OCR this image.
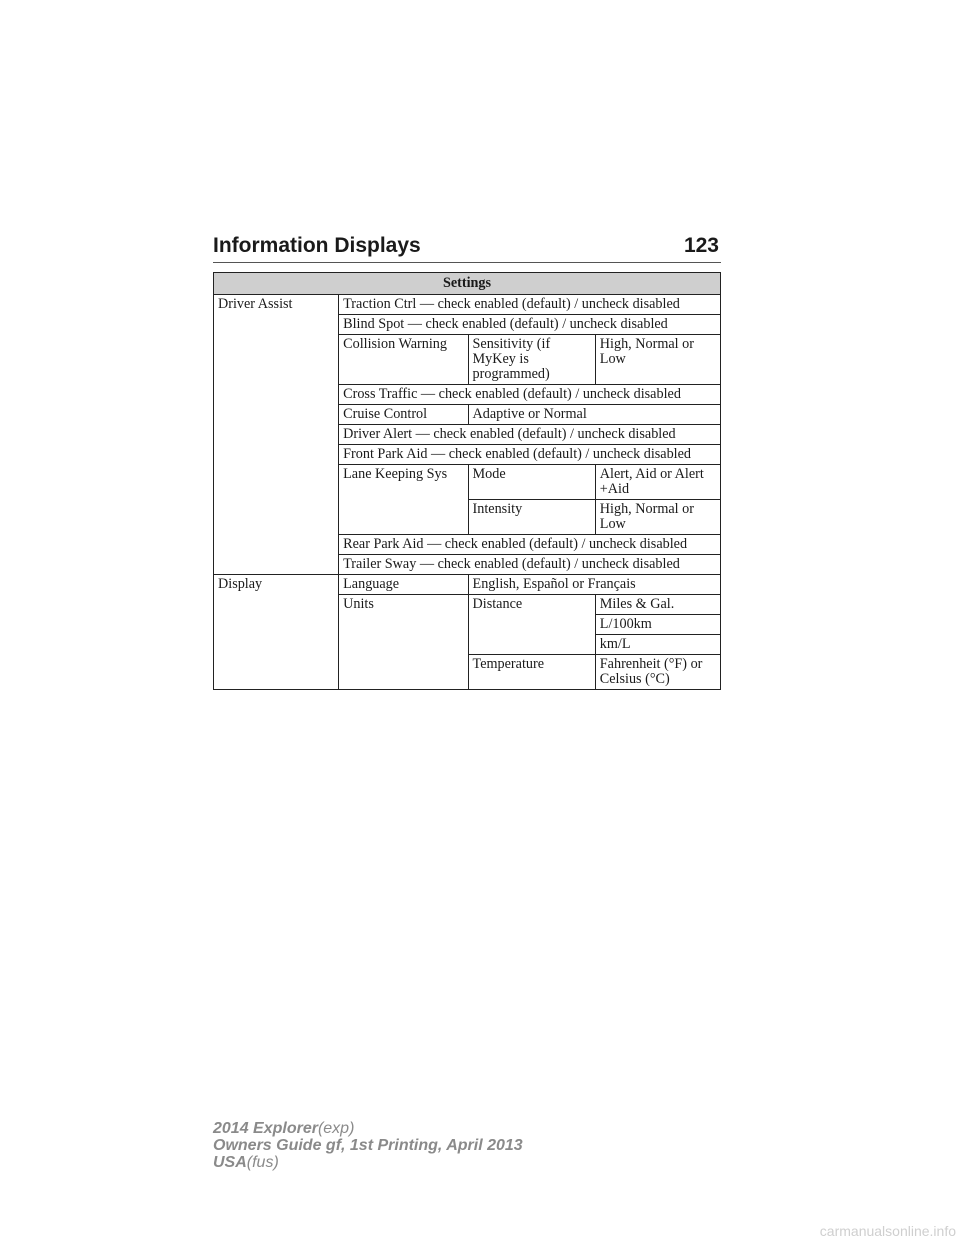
Information Displays	123
Settings			
Driver Assist	Traction Ctrl — check enabled (default) / uncheck disabled		
	Blind Spot — check enabled (default) / uncheck disabled		
	Collision Warning	Sensitivity (if MyKey is programmed)	High, Normal or Low
	Cross Traffic — check enabled (default) / uncheck disabled		
	Cruise Control	Adaptive or Normal	
	Driver Alert — check enabled (default) / uncheck disabled		
	Front Park Aid — check enabled (default) / uncheck disabled		
	Lane Keeping Sys	Mode	Alert, Aid or Alert +Aid
		Intensity	High, Normal or Low
	Rear Park Aid — check enabled (default) / uncheck disabled		
	Trailer Sway — check enabled (default) / uncheck disabled		
Display	Language	English, Español or Français	
	Units	Distance	Miles & Gal.
			L/100km
			km/L
		Temperature	Fahrenheit (°F) or Celsius (°C)
2014 Explorer(exp)
Owners Guide gf, 1st Printing, April 2013
USA(fus)
carmanualsonline.info
